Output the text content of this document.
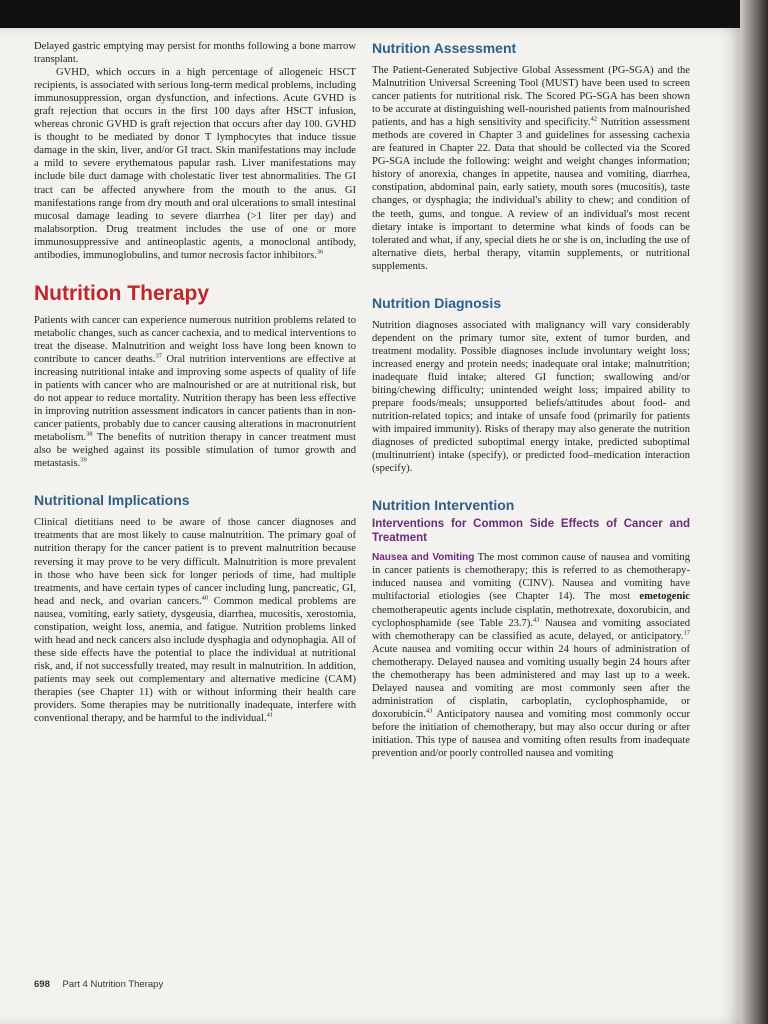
Delayed gastric emptying may persist for months following a bone marrow transplant.

GVHD, which occurs in a high percentage of allogeneic HSCT recipients, is associated with serious long-term medical problems, including immunosuppression, organ dysfunction, and infections. Acute GVHD is graft rejection that occurs in the first 100 days after HSCT infusion, whereas chronic GVHD is graft rejection that occurs after day 100. GVHD is thought to be mediated by donor T lymphocytes that induce tissue damage in the skin, liver, and/or GI tract. Skin manifestations may include a mild to severe erythematous papular rash. Liver manifestations may include bile duct damage with cholestatic liver test abnormalities. The GI tract can be affected anywhere from the mouth to the anus. GI manifestations range from dry mouth and oral ulcerations to small intestinal mucosal damage leading to severe diarrhea (>1 liter per day) and malabsorption. Drug treatment includes the use of one or more immunosuppressive and antineoplastic agents, a monoclonal antibody, antibodies, immunoglobulins, and tumor necrosis factor inhibitors.$^{36}$

Nutrition Therapy

Patients with cancer can experience numerous nutrition problems related to metabolic changes, such as cancer cachexia, and to medical interventions to treat the disease. Malnutrition and weight loss have long been known to contribute to cancer deaths.$^{37}$ Oral nutrition interventions are effective at increasing nutritional intake and improving some aspects of quality of life in patients with cancer who are malnourished or are at nutritional risk, but do not appear to reduce mortality. Nutrition therapy has been less effective in improving nutrition assessment indicators in cancer patients than in non-cancer patients, probably due to cancer causing alterations in macronutrient metabolism.$^{38}$ The benefits of nutrition therapy in cancer treatment must also be weighed against its possible stimulation of tumor growth and metastasis.$^{39}$

Nutritional Implications

Clinical dietitians need to be aware of those cancer diagnoses and treatments that are most likely to cause malnutrition. The primary goal of nutrition therapy for the cancer patient is to prevent malnutrition because reversing it may prove to be very difficult. Malnutrition is more prevalent in those who have been sick for longer periods of time, had multiple treatments, and have certain types of cancer including lung, pancreatic, GI, head and neck, and ovarian cancers.$^{40}$ Common medical problems are nausea, vomiting, early satiety, dysgeusia, diarrhea, mucositis, xerostomia, constipation, weight loss, anemia, and fatigue. Nutrition problems linked with head and neck cancers also include dysphagia and odynophagia. All of these side effects have the potential to place the individual at nutritional risk, and, if not successfully treated, may result in malnutrition. In addition, patients may seek out complementary and alternative medicine (CAM) therapies (see Chapter 11) with or without informing their health care providers. Some therapies may be nutritionally inadequate, interfere with conventional therapy, and be harmful to the individual.$^{41}$

Nutrition Assessment

The Patient-Generated Subjective Global Assessment (PG-SGA) and the Malnutrition Universal Screening Tool (MUST) have been used to screen cancer patients for nutritional risk. The Scored PG-SGA has been shown to be accurate at distinguishing well-nourished patients from malnourished patients, and has a high sensitivity and specificity.$^{42}$ Nutrition assessment methods are covered in Chapter 3 and guidelines for assessing cachexia are featured in Chapter 22. Data that should be collected via the Scored PG-SGA include the following: weight and weight changes information; history of anorexia, changes in appetite, nausea and vomiting, diarrhea, constipation, abdominal pain, early satiety, mouth sores (mucositis), taste changes, or dysphagia; the individual's ability to chew; and condition of the teeth, gums, and tongue. A review of an individual's most recent dietary intake is important to determine what kinds of foods can be tolerated and what, if any, special diets he or she is on, including the use of alternative diets, herbal therapy, vitamin supplements, or nutritional supplements.

Nutrition Diagnosis

Nutrition diagnoses associated with malignancy will vary considerably dependent on the primary tumor site, extent of tumor burden, and treatment modality. Possible diagnoses include involuntary weight loss; increased energy and protein needs; inadequate oral intake; malnutrition; inadequate fluid intake; altered GI function; swallowing and/or biting/chewing difficulty; unintended weight loss; impaired ability to prepare foods/meals; unsupported beliefs/attitudes about food- and nutrition-related topics; and intake of unsafe food (primarily for patients with impaired immunity). Risks of therapy may also generate the nutrition diagnoses of predicted suboptimal energy intake, predicted suboptimal (multinutrient) intake (specify), or predicted food–medication interaction (specify).

Nutrition Intervention
Interventions for Common Side Effects of Cancer and Treatment

Nausea and Vomiting The most common cause of nausea and vomiting in cancer patients is chemotherapy; this is referred to as chemotherapy-induced nausea and vomiting (CINV). Nausea and vomiting have multifactorial etiologies (see Chapter 14). The most emetogenic chemotherapeutic agents include cisplatin, methotrexate, doxorubicin, and cyclophosphamide (see Table 23.7).$^{43}$ Nausea and vomiting associated with chemotherapy can be classified as acute, delayed, or anticipatory.$^{17}$ Acute nausea and vomiting occur within 24 hours of administration of chemotherapy. Delayed nausea and vomiting usually begin 24 hours after the chemotherapy has been administered and may last up to a week. Delayed nausea and vomiting are most commonly seen after the administration of cisplatin, carboplatin, cyclophosphamide, or doxorubicin.$^{43}$ Anticipatory nausea and vomiting most commonly occur before the initiation of chemotherapy, but may also occur during or after initiation. This type of nausea and vomiting often results from inadequate prevention and/or poorly controlled nausea and vomiting

698 Part 4 Nutrition Therapy
